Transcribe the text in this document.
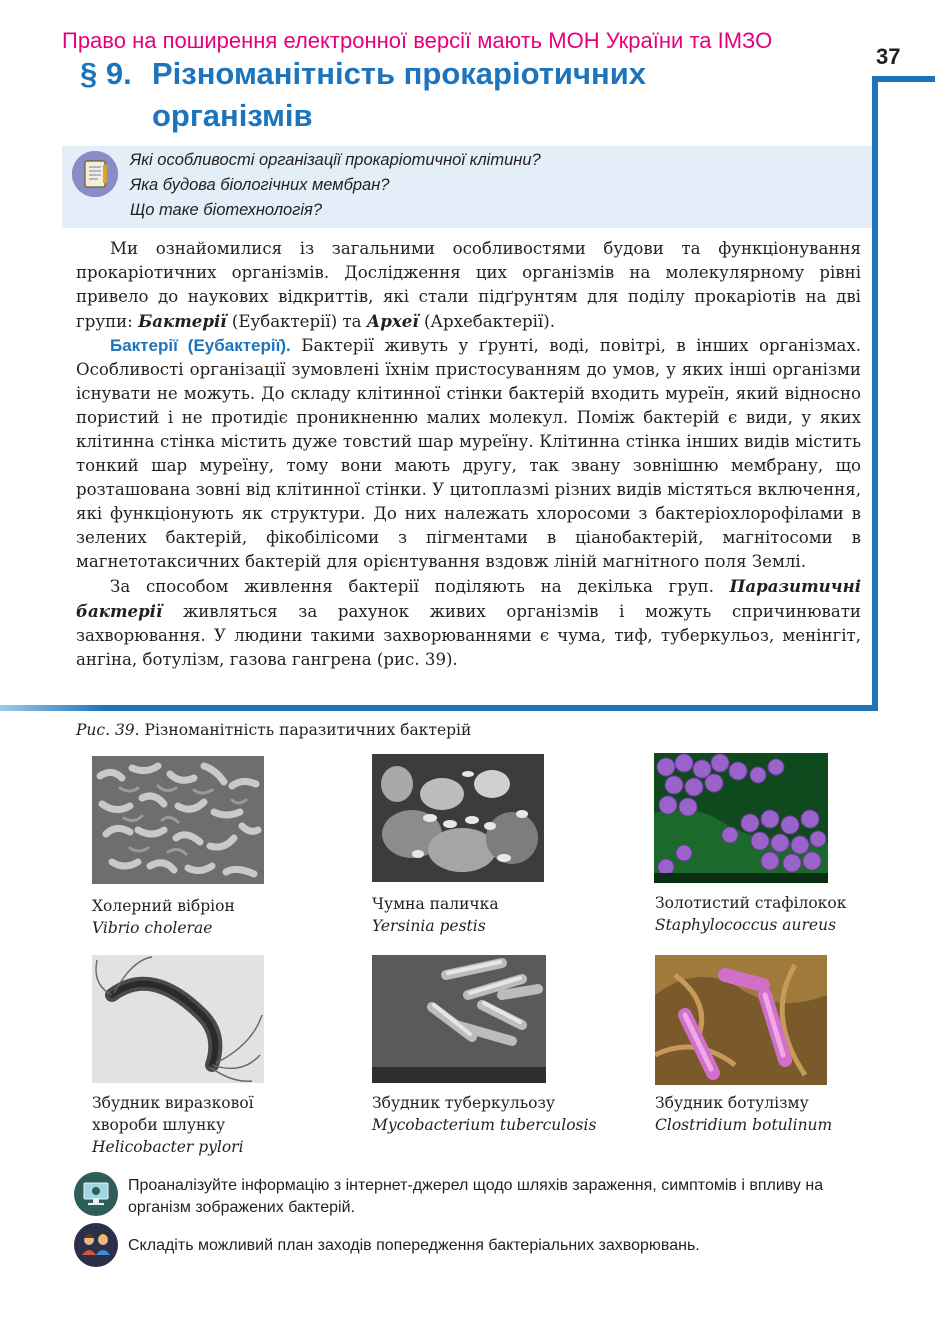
Право на поширення електронної версії мають МОН України та ІМЗО
37
§ 9. Різноманітність прокаріотичних
організмів
Які особливості організації прокаріотичної клітини?
Яка будова біологічних мембран?
Що таке біотехнологія?

Ми ознайомилися із загальними особливостями будови та функціонування прокаріотичних організмів. Дослідження цих організмів на молекулярному рівні привело до наукових відкриттів, які стали підґрунтям для поділу прокаріотів на дві групи: Бактерії (Еубактерії) та Археї (Архебактерії).

Бактерії (Еубактерії). Бактерії живуть у ґрунті, воді, повітрі, в інших організмах. Особливості організації зумовлені їхнім пристосуванням до умов, у яких інші організми існувати не можуть. До складу клітинної стінки бактерій входить муреїн, який відносно пористий і не протидіє проникненню малих молекул. Поміж бактерій є види, у яких клітинна стінка містить дуже товстий шар муреїну. Клітинна стінка інших видів містить тонкий шар муреїну, тому вони мають другу, так звану зовнішню мембрану, що розташована зовні від клітинної стінки. У цитоплазмі різних видів містяться включення, які функціонують як структури. До них належать хлоросоми з бактеріохлорофілами в зелених бактерій, фікобілісоми з пігментами в ціанобактерій, магнітосоми в магнетотаксичних бактерій для орієнтування вздовж ліній магнітного поля Землі.

За способом живлення бактерії поділяють на декілька груп. Паразитичні бактерії живляться за рахунок живих організмів і можуть спричинювати захворювання. У людини такими захворюваннями є чума, тиф, туберкульоз, менінгіт, ангіна, ботулізм, газова гангрена (рис. 39).

Рис. 39. Різноманітність паразитичних бактерій
Холерний вібріон
Vibrio cholerae
Чумна паличка
Yersinia pestis
Золотистий стафілокок
Staphylococcus aureus
Збудник виразкової
хвороби шлунку
Helicobacter pylori
Збудник туберкульозу
Mycobacterium tuberculosis
Збудник ботулізму
Clostridium botulinum
Проаналізуйте інформацію з інтернет-джерел щодо шляхів зараження, симптомів і впливу на організм зображених бактерій.
Складіть можливий план заходів попередження бактеріальних захворювань.
